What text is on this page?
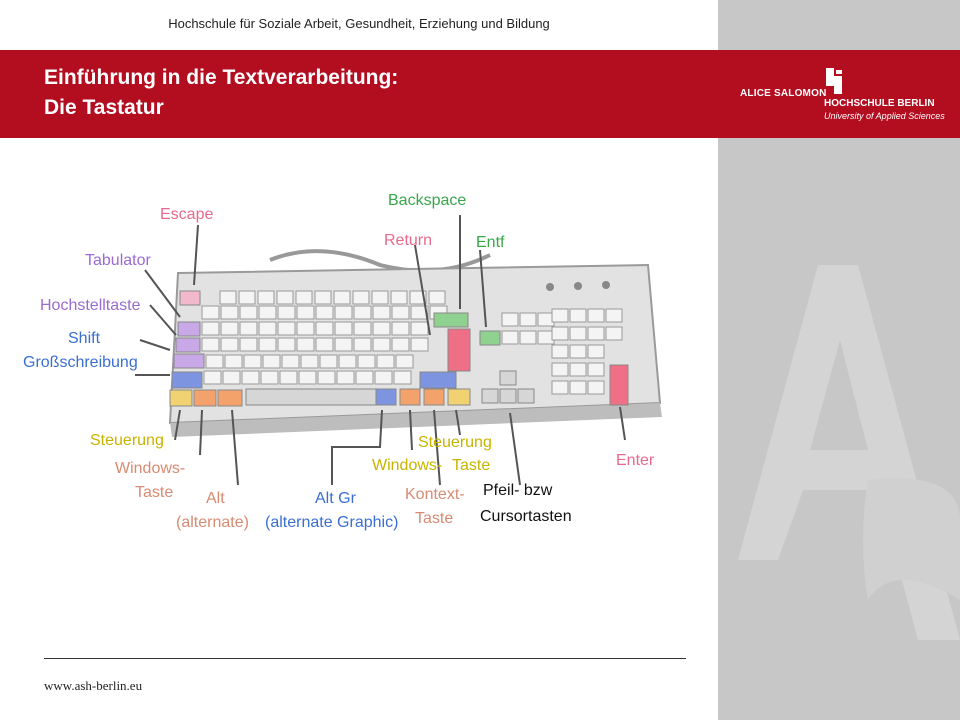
Hochschule für Soziale Arbeit, Gesundheit, Erziehung und Bildung
Einführung in die Textverarbeitung:
Die Tastatur
ALICE SALOMON
HOCHSCHULE BERLIN
University of Applied Sciences
Escape
Tabulator
Hochstelltaste
Shift
Großschreibung
Backspace
Return	Entf
Steuerung
Windows-
Taste Alt
(alternate)
Alt Gr
(alternate Graphic)
Windows-
Steuerung
Taste
Kontext-
Taste
Pfeil- bzw
Cursortasten
Enter
www.ash-berlin.eu
